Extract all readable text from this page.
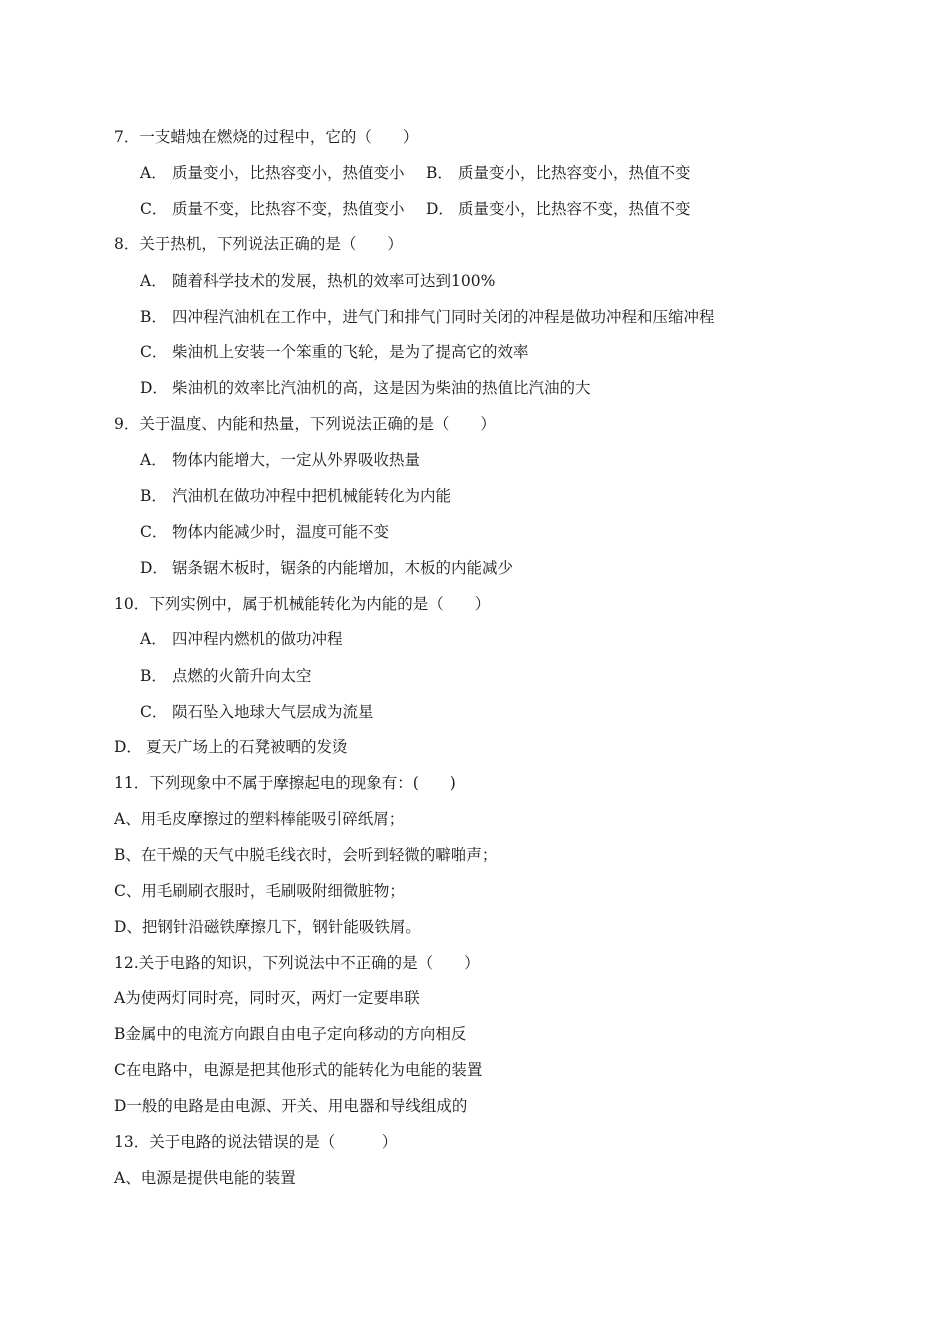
7．一支蜡烛在燃烧的过程中，它的（　　）
A． 质量变小，比热容变小，热值变小 B． 质量变小，比热容变小，热值不变
C． 质量不变，比热容不变，热值变小 D． 质量变小，比热容不变，热值不变
8．关于热机，下列说法正确的是（　　）
A． 随着科学技术的发展，热机的效率可达到100%
B． 四冲程汽油机在工作中，进气门和排气门同时关闭的冲程是做功冲程和压缩冲程
C． 柴油机上安装一个笨重的飞轮，是为了提高它的效率
D． 柴油机的效率比汽油机的高，这是因为柴油的热值比汽油的大
9．关于温度、内能和热量，下列说法正确的是（　　）
A． 物体内能增大，一定从外界吸收热量
B． 汽油机在做功冲程中把机械能转化为内能
C． 物体内能减少时，温度可能不变
D． 锯条锯木板时，锯条的内能增加，木板的内能减少
10．下列实例中，属于机械能转化为内能的是（　　）
A． 四冲程内燃机的做功冲程
B． 点燃的火箭升向太空
C． 陨石坠入地球大气层成为流星
D． 夏天广场上的石凳被晒的发烫
11．下列现象中不属于摩擦起电的现象有：(　　)
A、用毛皮摩擦过的塑料棒能吸引碎纸屑；
B、在干燥的天气中脱毛线衣时，会听到轻微的噼啪声；
C、用毛刷刷衣服时，毛刷吸附细微脏物；
D、把钢针沿磁铁摩擦几下，钢针能吸铁屑。
12.关于电路的知识，下列说法中不正确的是（　　）
A为使两灯同时亮，同时灭，两灯一定要串联
B金属中的电流方向跟自由电子定向移动的方向相反
C在电路中，电源是把其他形式的能转化为电能的装置
D一般的电路是由电源、开关、用电器和导线组成的
13．关于电路的说法错误的是（　　　）
A、电源是提供电能的装置
